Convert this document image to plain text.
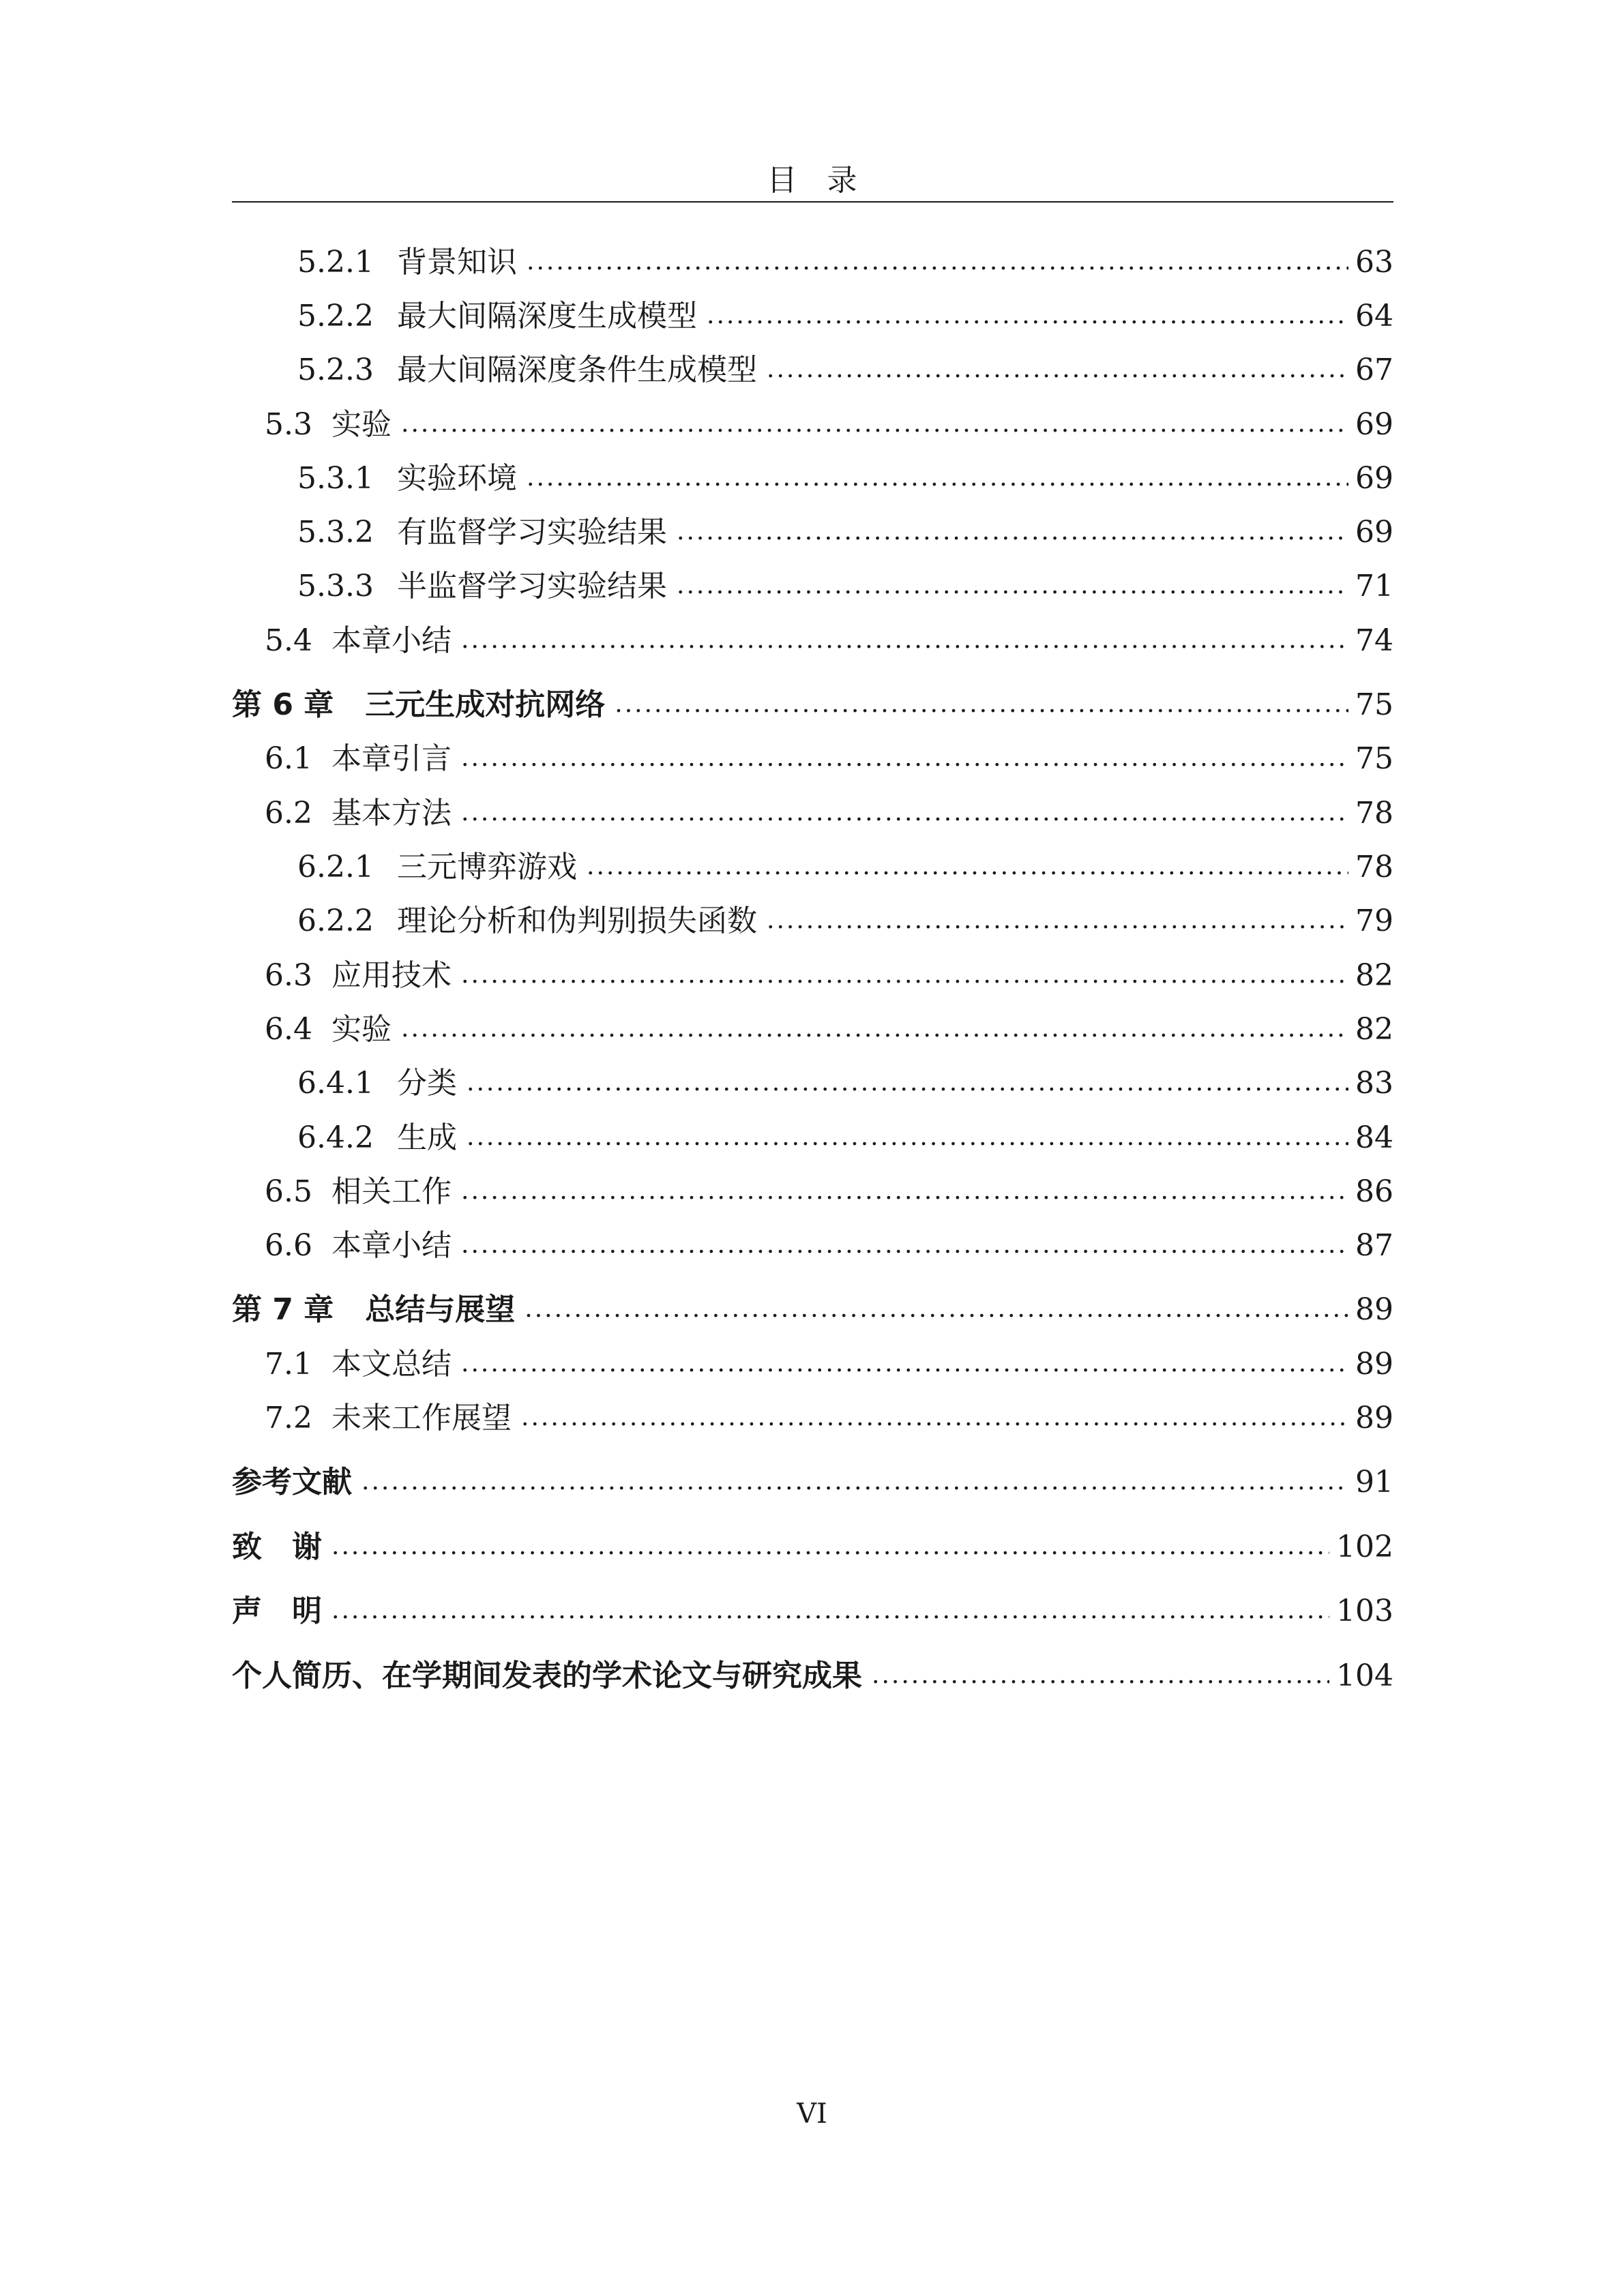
目　录
5.2.1 背景知识 .....	63
5.2.2 最大间隔深度生成模型 .....	64
5.2.3 最大间隔深度条件生成模型 .....	67
5.3 实验 .....	69
5.3.1 实验环境 .....	69
5.3.2 有监督学习实验结果 .....	69
5.3.3 半监督学习实验结果 .....	71
5.4 本章小结 .....	74
第 6 章	三元生成对抗网络 .....	75
6.1 本章引言 .....	75
6.2 基本方法 .....	78
6.2.1 三元博弈游戏 .....	78
6.2.2 理论分析和伪判别损失函数 .....	79
6.3 应用技术 .....	82
6.4 实验 .....	82
6.4.1 分类 .....	83
6.4.2 生成 .....	84
6.5 相关工作 .....	86
6.6 本章小结 .....	87
第 7 章	总结与展望 .....	89
7.1 本文总结 .....	89
7.2 未来工作展望 .....	89
参考文献 .....	91
致　谢 .....	102
声　明 .....	103
个人简历、在学期间发表的学术论文与研究成果 .....	104
VI
